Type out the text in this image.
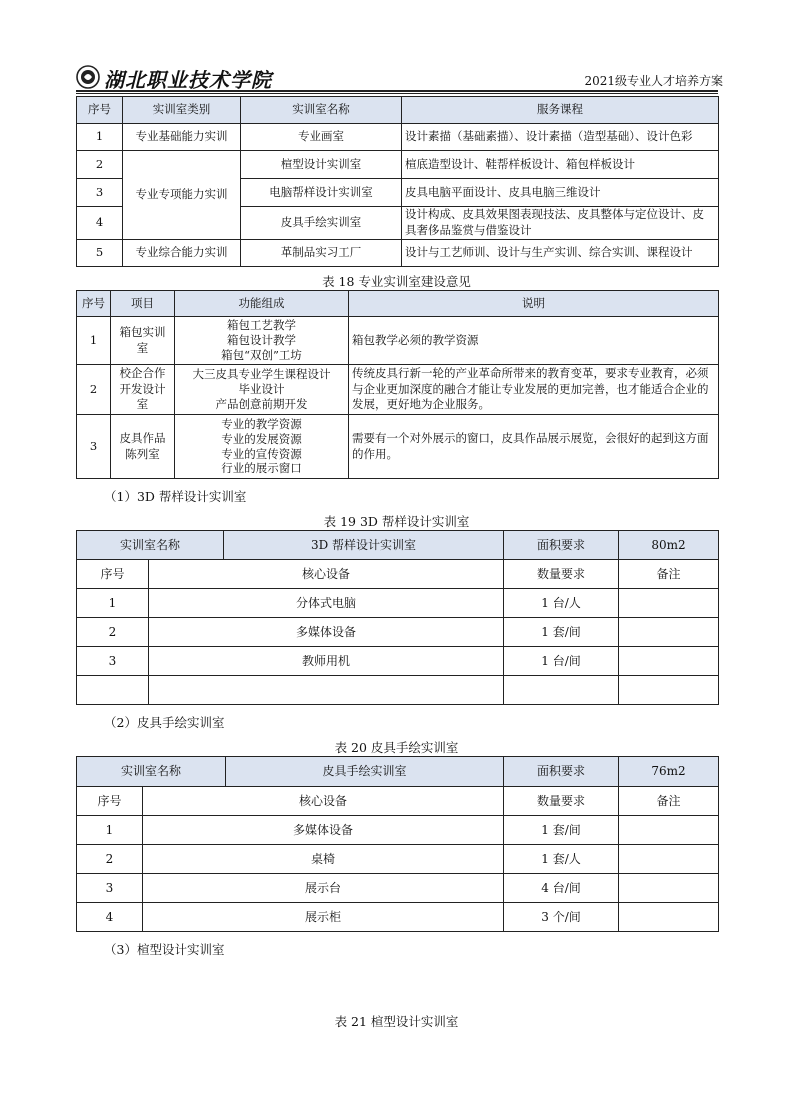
湖北职业技术学院	2021级专业人才培养方案
序号	实训室类别	实训室名称	服务课程
1	专业基础能力实训	专业画室	设计素描（基础素描）、设计素描（造型基础）、设计色彩
2	专业专项能力实训	楦型设计实训室	楦底造型设计、鞋帮样板设计、箱包样板设计
3		电脑帮样设计实训室	皮具电脑平面设计、皮具电脑三维设计
4		皮具手绘实训室	设计构成、皮具效果图表现技法、皮具整体与定位设计、皮具奢侈品鉴赏与借鉴设计
5	专业综合能力实训	革制品实习工厂	设计与工艺师训、设计与生产实训、综合实训、课程设计
表 18 专业实训室建设意见
序号	项目	功能组成	说明
1	箱包实训室	箱包工艺教学
箱包设计教学
箱包“双创”工坊	箱包教学必须的教学资源
2	校企合作开发设计室	大三皮具专业学生课程设计
毕业设计
产品创意前期开发	传统皮具行新一轮的产业革命所带来的教育变革，要求专业教育，必须与企业更加深度的融合才能让专业发展的更加完善，也才能适合企业的发展，更好地为企业服务。
3	皮具作品陈列室	专业的教学资源
专业的发展资源
专业的宣传资源
行业的展示窗口	需要有一个对外展示的窗口，皮具作品展示展览，会很好的起到这方面的作用。
（1）3D 帮样设计实训室
表 19 3D 帮样设计实训室
实训室名称		3D 帮样设计实训室	面积要求	80m2
序号	核心设备		数量要求	备注
1	分体式电脑		1 台/人	
2	多媒体设备		1 套/间	
3	教师用机		1 台/间	

（2）皮具手绘实训室
表 20 皮具手绘实训室
实训室名称		皮具手绘实训室	面积要求	76m2
序号	核心设备		数量要求	备注
1	多媒体设备		1 套/间	
2	桌椅		1 套/人	
3	展示台		4 台/间	
4	展示柜		3 个/间	
（3）楦型设计实训室
表 21 楦型设计实训室
